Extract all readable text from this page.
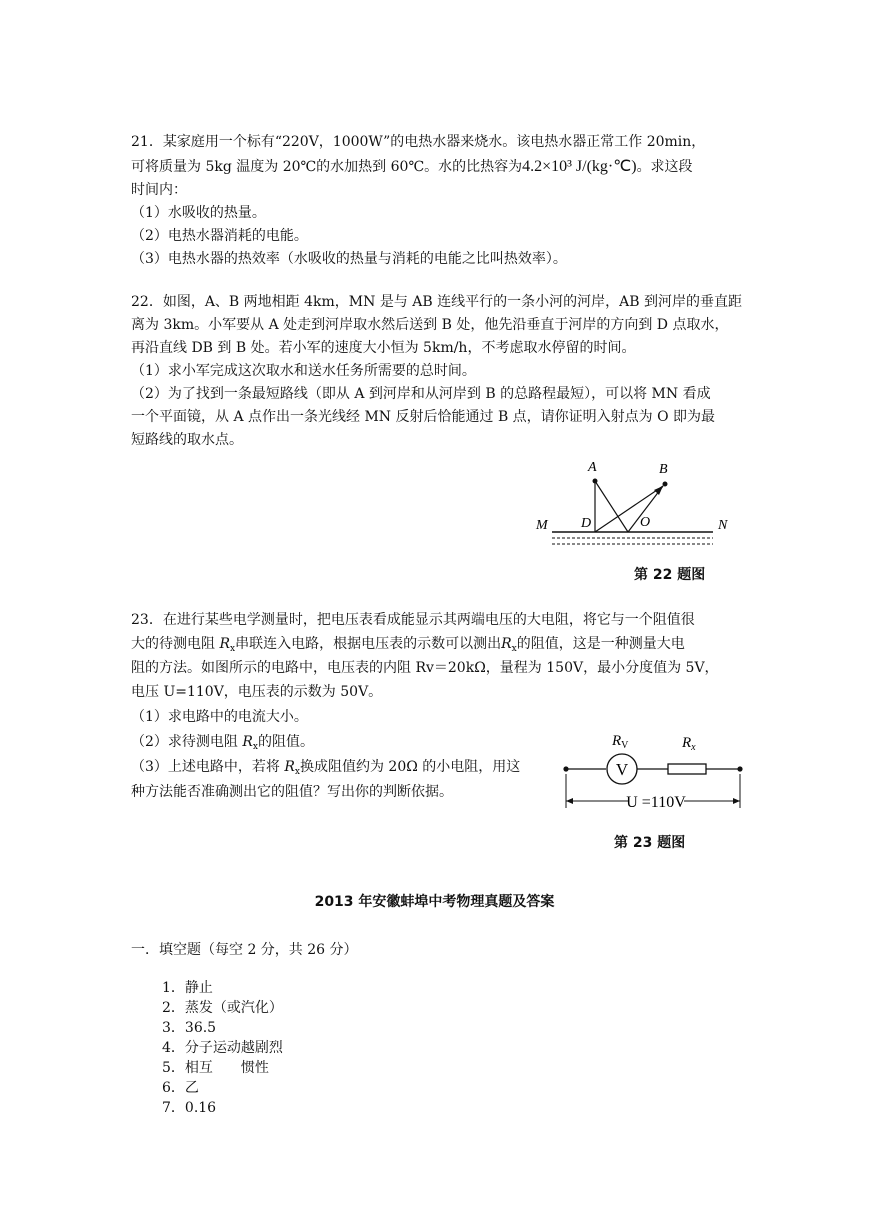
21．某家庭用一个标有“220V，1000W”的电热水器来烧水。该电热水器正常工作 20min，
可将质量为 5kg 温度为 20℃的水加热到 60℃。水的比热容为4.2×10³ J/(kg·℃)。求这段
时间内：
（1）水吸收的热量。
（2）电热水器消耗的电能。
（3）电热水器的热效率（水吸收的热量与消耗的电能之比叫热效率）。
22．如图，A、B 两地相距 4km，MN 是与 AB 连线平行的一条小河的河岸，AB 到河岸的垂直距
离为 3km。小军要从 A 处走到河岸取水然后送到 B 处，他先沿垂直于河岸的方向到 D 点取水，
再沿直线 DB 到 B 处。若小军的速度大小恒为 5km/h，不考虑取水停留的时间。
（1）求小军完成这次取水和送水任务所需要的总时间。
（2）为了找到一条最短路线（即从 A 到河岸和从河岸到 B 的总路程最短），可以将 MN 看成
一个平面镜，从 A 点作出一条光线经 MN 反射后恰能通过 B 点，请你证明入射点为 O 即为最
短路线的取水点。
A	B
M	N
D	O
第 22 题图
23．在进行某些电学测量时，把电压表看成能显示其两端电压的大电阻，将它与一个阻值很
大的待测电阻 $R_x$串联连入电路，根据电压表的示数可以测出$R_x$的阻值，这是一种测量大电
阻的方法。如图所示的电路中，电压表的内阻 Rv＝20kΩ，量程为 150V，最小分度值为 5V，
电压 U=110V，电压表的示数为 50V。
（1）求电路中的电流大小。
（2）求待测电阻 $R_x$的阻值。
（3）上述电路中，若将 $R_x$换成阻值约为 20Ω 的小电阻，用这
种方法能否准确测出它的阻值？写出你的判断依据。
$R_V$	$R_x$
V
U =110V
第 23 题图
2013 年安徽蚌埠中考物理真题及答案
一．填空题（每空 2 分，共 26 分）
1．静止
2．蒸发（或汽化）
3．36.5
4．分子运动越剧烈
5．相互　　惯性
6．乙
7．0.16
